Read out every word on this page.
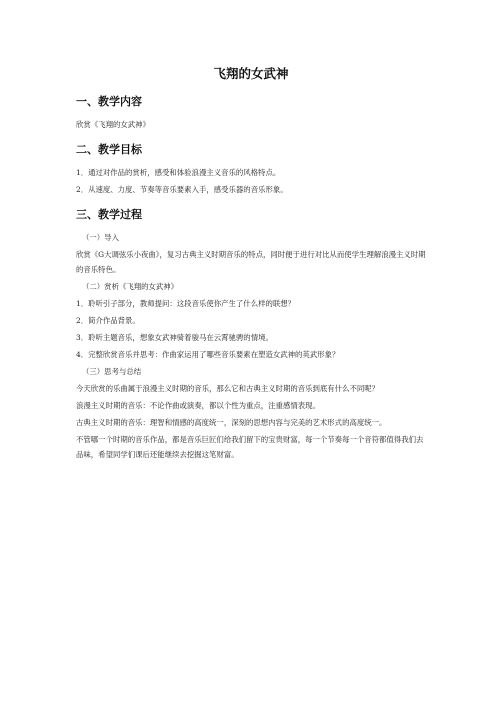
飞翔的女武神
一、教学内容
欣赏《飞翔的女武神》
二、教学目标
1．通过对作品的赏析，感受和体验浪漫主义音乐的风格特点。
2．从速度、力度、节奏等音乐要素入手，感受乐器的音乐形象。
三、教学过程
（一）导入
欣赏《G大调弦乐小夜曲》，复习古典主义时期音乐的特点，同时便于进行对比从而使学生理解浪漫主义时期的音乐特色。
（二）赏析《飞翔的女武神》
1．聆听引子部分，教师提问：这段音乐使你产生了什么样的联想？
2．简介作品背景。
3．聆听主题音乐，想象女武神骑着骏马在云霄驰骋的情境。
4．完整欣赏音乐并思考：作曲家运用了哪些音乐要素在塑造女武神的英武形象？
（三）思考与总结
今天欣赏的乐曲属于浪漫主义时期的音乐，那么它和古典主义时期的音乐到底有什么不同呢？
浪漫主义时期的音乐：不论作曲或演奏，都以个性为重点，注重感情表现。
古典主义时期的音乐：理智和情感的高度统一，深刻的思想内容与完美的艺术形式的高度统一。
不管哪一个时期的音乐作品，都是音乐巨匠们给我们留下的宝贵财富，每一个节奏每一个音符都值得我们去品味，希望同学们课后还能继续去挖掘这笔财富。
